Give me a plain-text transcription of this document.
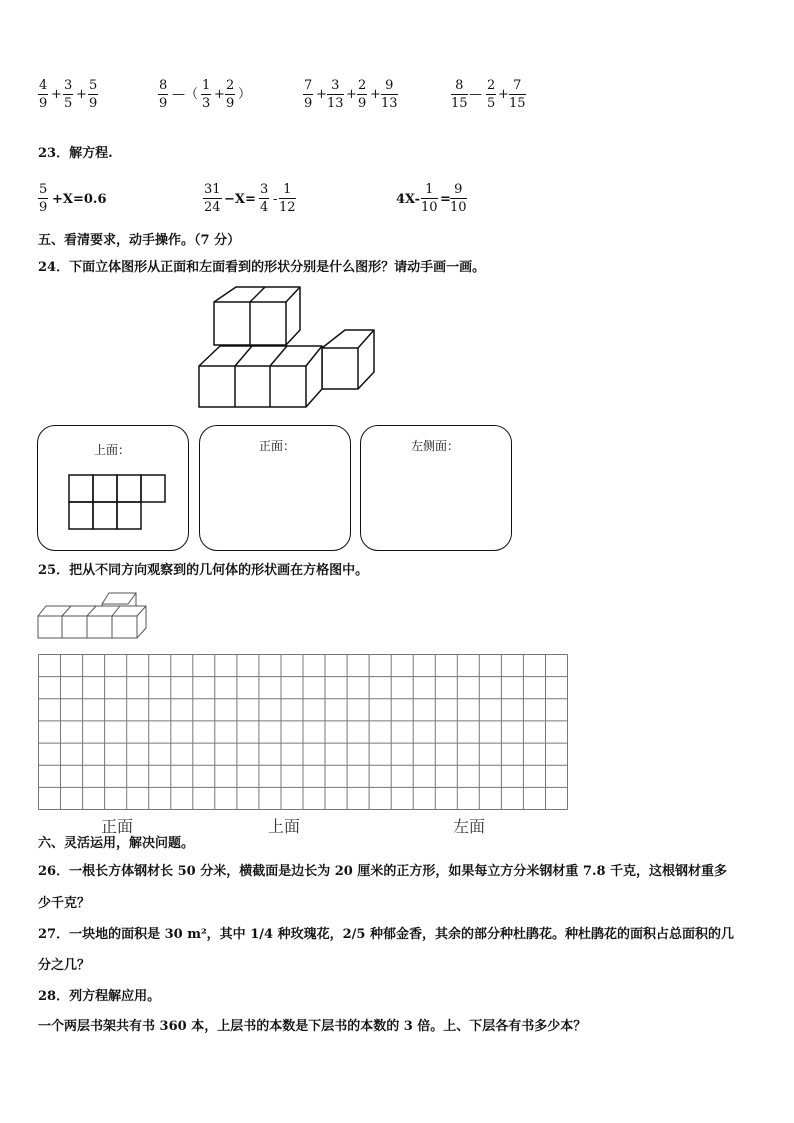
4
9
+
3
5
+
5
9
8
9
—（
1
3
+
2
9
）
7
9
+
3
13
+
2
9
+
9
13
8
15
—
2
5
+
7
15
23．解方程.
5
9
+X=0.6
31
24
−X=
3
4
-
1
12
4X-
1
10
=
9
10
五、看清要求，动手操作。（7 分）
24．下面立体图形从正面和左面看到的形状分别是什么图形？请动手画一画。
上面：	正面：	左侧面：
25．把从不同方向观察到的几何体的形状画在方格图中。
正面	上面	左面
六、灵活运用，解决问题。
26．一根长方体钢材长 50 分米，横截面是边长为 20 厘米的正方形，如果每立方分米钢材重 7.8 千克，这根钢材重多
少千克？
27．一块地的面积是 30 m²，其中 1/4 种玫瑰花，2/5 种郁金香，其余的部分种杜鹃花。种杜鹃花的面积占总面积的几
分之几？
28．列方程解应用。
一个两层书架共有书 360 本，上层书的本数是下层书的本数的 3 倍。上、下层各有书多少本？
